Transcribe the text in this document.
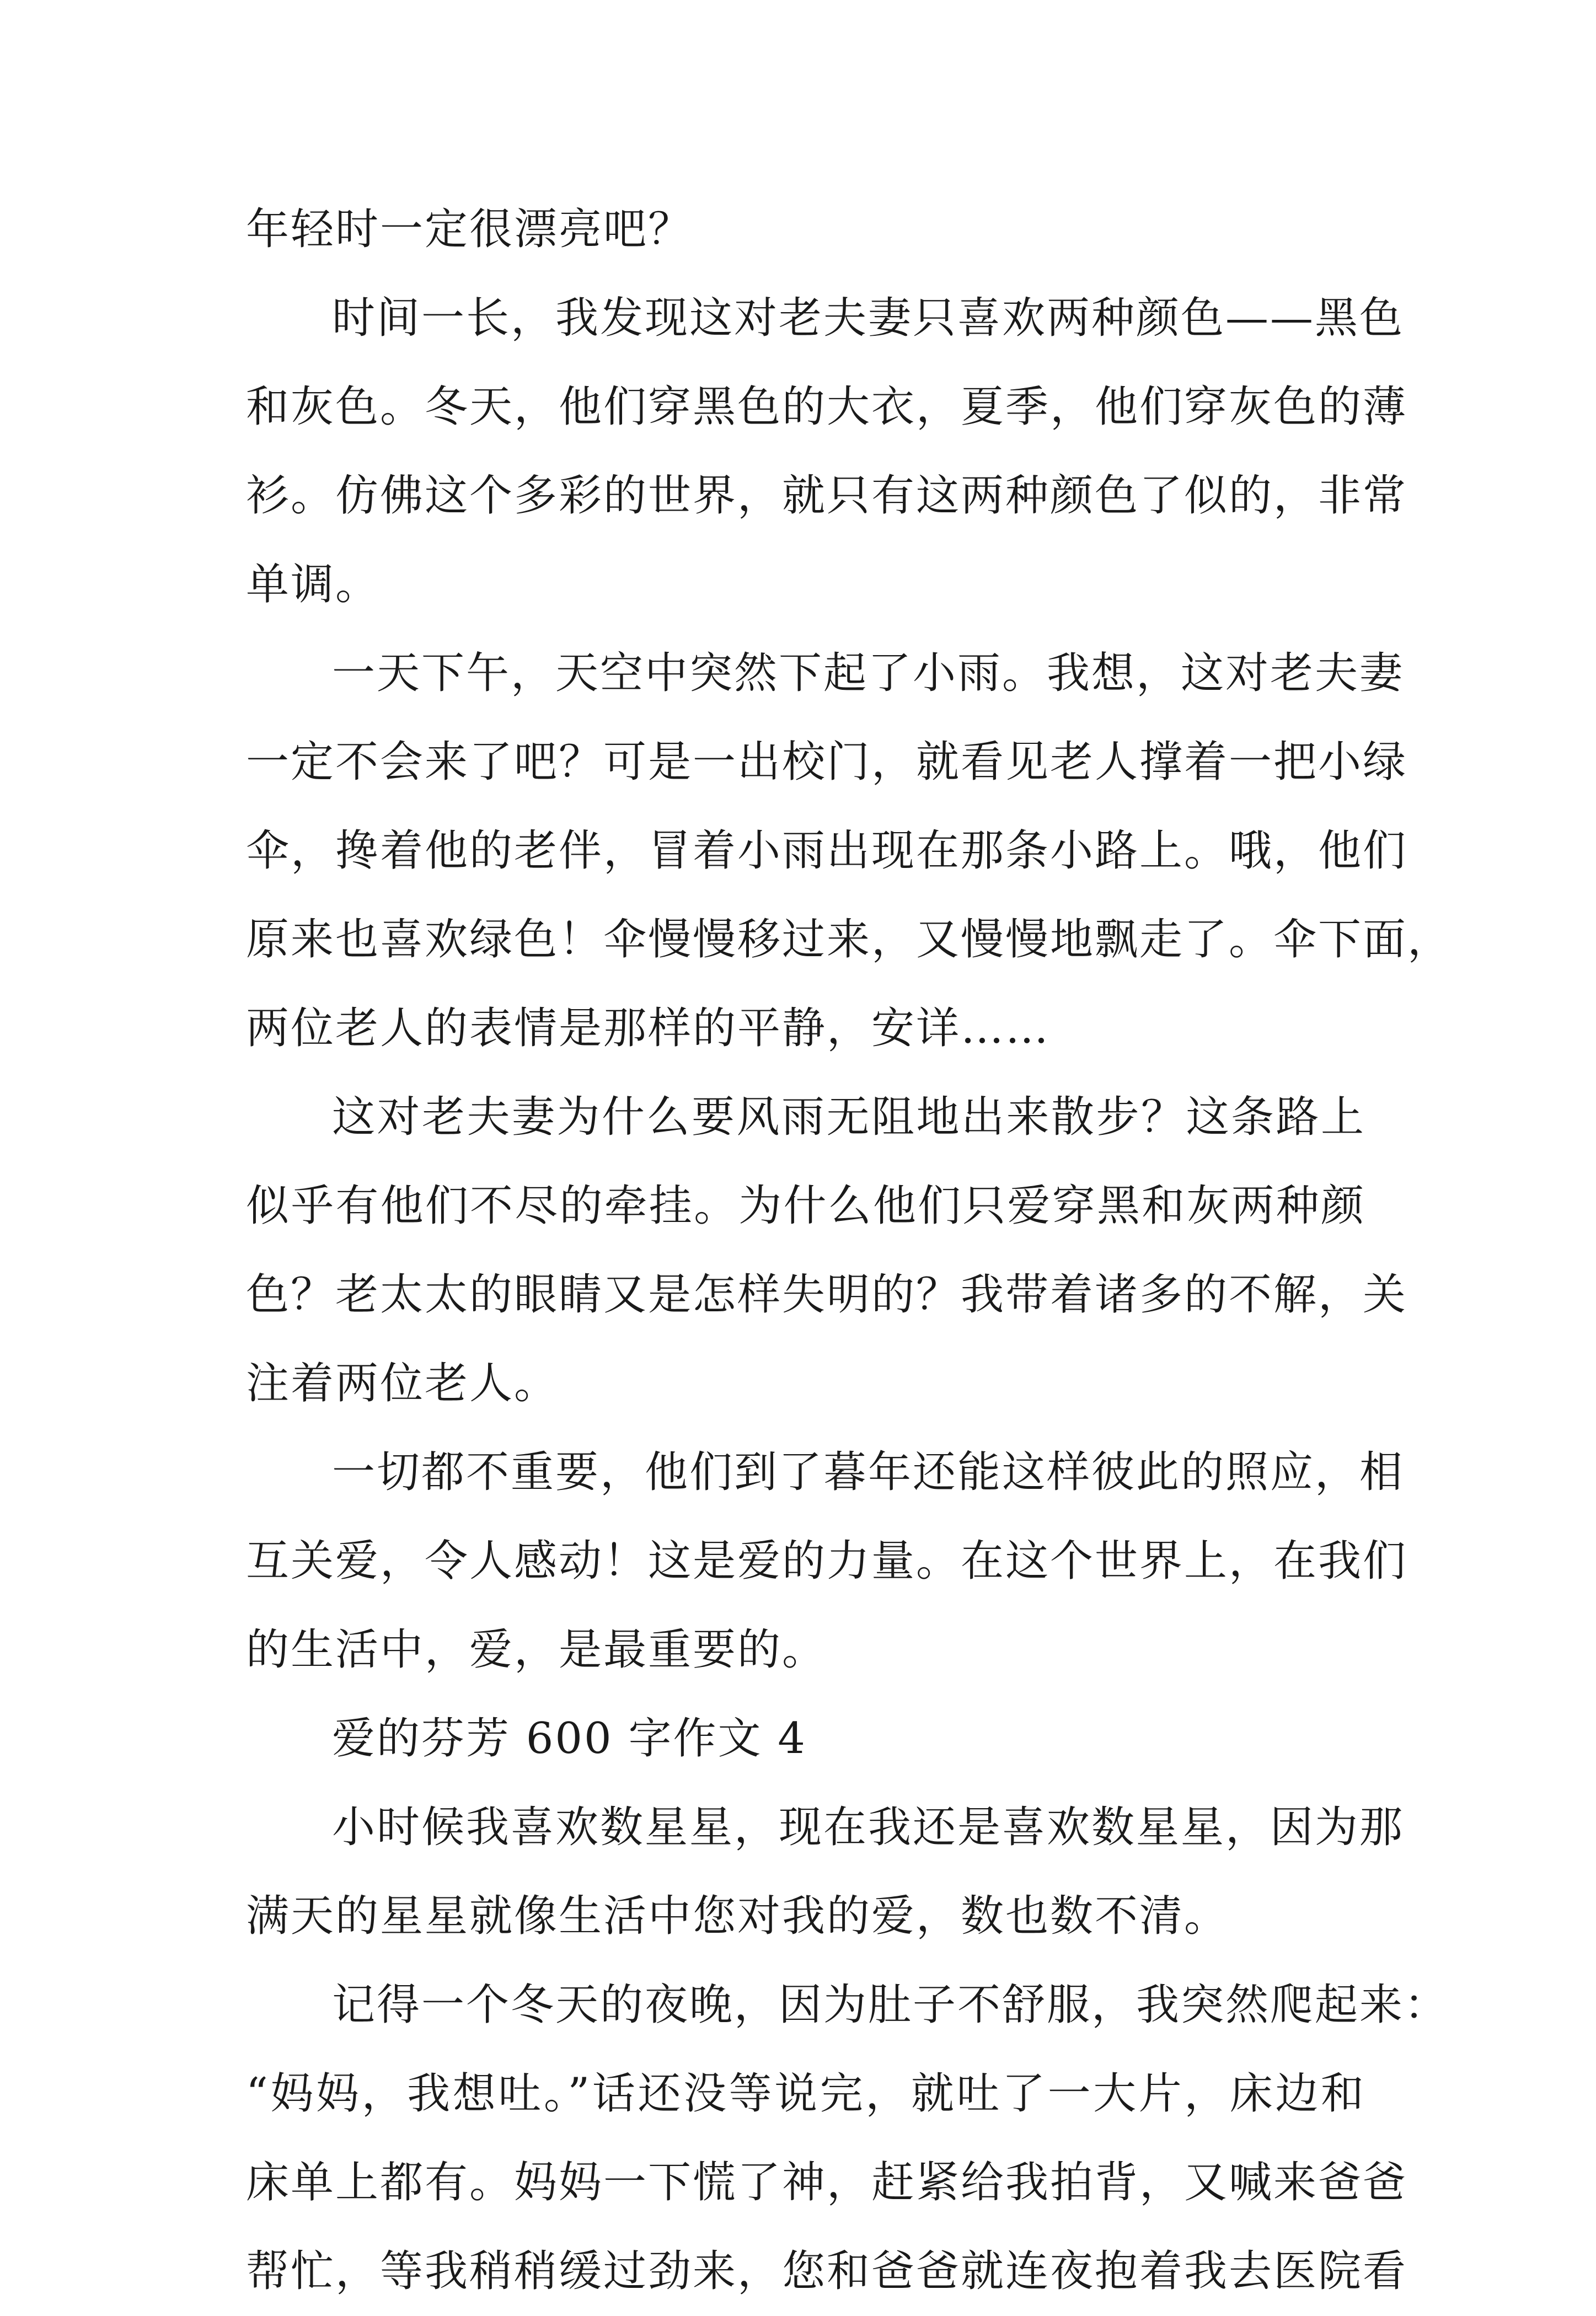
年轻时一定很漂亮吧？
时间一长，我发现这对老夫妻只喜欢两种颜色——黑色
和灰色。冬天，他们穿黑色的大衣，夏季，他们穿灰色的薄
衫。仿佛这个多彩的世界，就只有这两种颜色了似的，非常
单调。
一天下午，天空中突然下起了小雨。我想，这对老夫妻
一定不会来了吧？可是一出校门，就看见老人撑着一把小绿
伞，搀着他的老伴，冒着小雨出现在那条小路上。哦，他们
原来也喜欢绿色！伞慢慢移过来，又慢慢地飘走了。伞下面，
两位老人的表情是那样的平静，安详……
这对老夫妻为什么要风雨无阻地出来散步？这条路上
似乎有他们不尽的牵挂。为什么他们只爱穿黑和灰两种颜
色？老太太的眼睛又是怎样失明的？我带着诸多的不解，关
注着两位老人。
一切都不重要，他们到了暮年还能这样彼此的照应，相
互关爱，令人感动！这是爱的力量。在这个世界上，在我们
的生活中，爱，是最重要的。
爱的芬芳 600 字作文 4
小时候我喜欢数星星，现在我还是喜欢数星星，因为那
满天的星星就像生活中您对我的爱，数也数不清。
记得一个冬天的夜晚，因为肚子不舒服，我突然爬起来：
“妈妈，我想吐。”话还没等说完，就吐了一大片，床边和
床单上都有。妈妈一下慌了神，赶紧给我拍背，又喊来爸爸
帮忙，等我稍稍缓过劲来，您和爸爸就连夜抱着我去医院看
